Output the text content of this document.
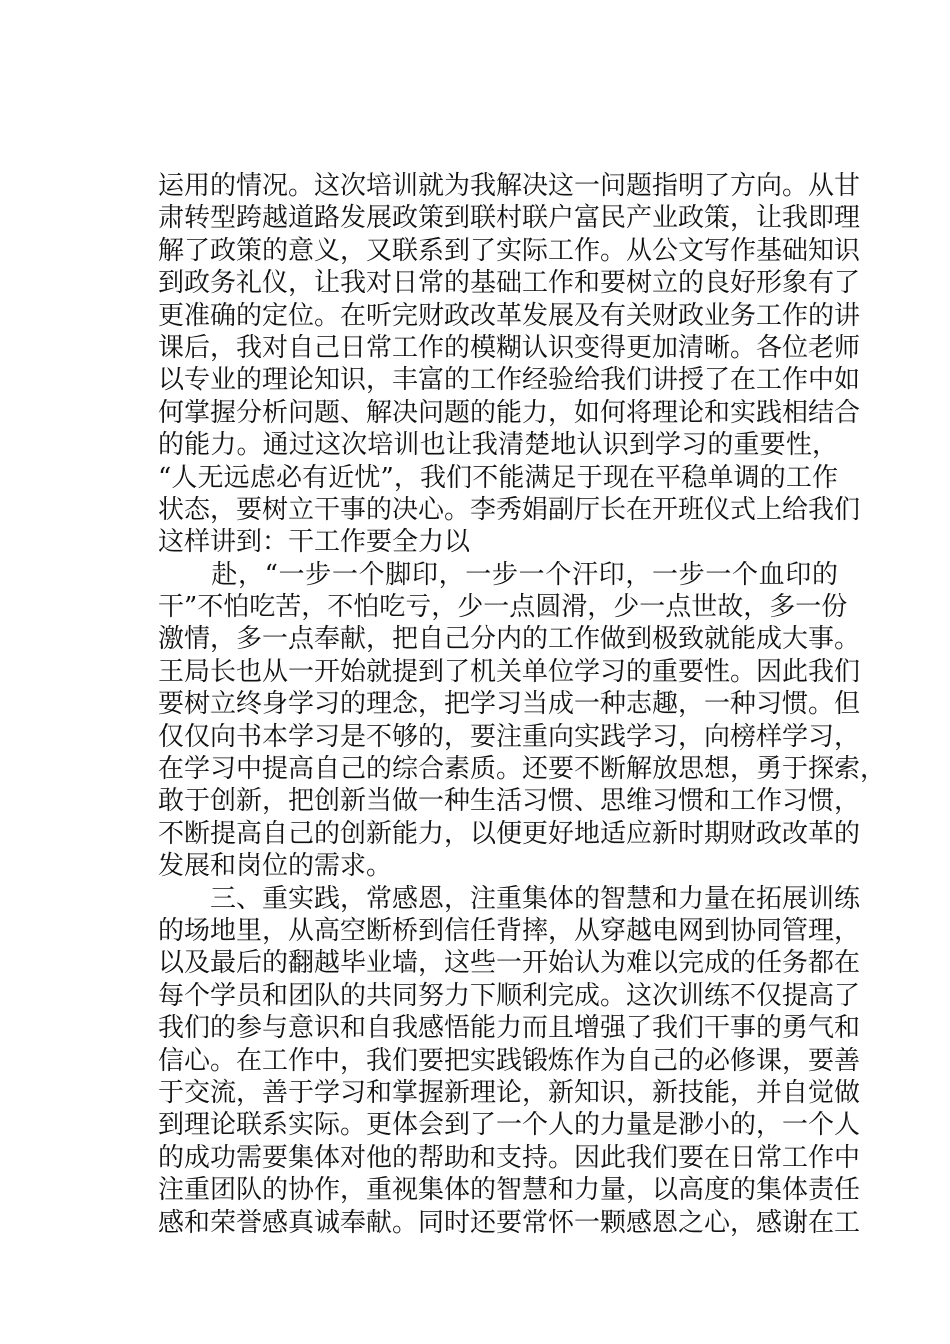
运用的情况。这次培训就为我解决这一问题指明了方向。从甘
肃转型跨越道路发展政策到联村联户富民产业政策，让我即理
解了政策的意义，又联系到了实际工作。从公文写作基础知识
到政务礼仪，让我对日常的基础工作和要树立的良好形象有了
更准确的定位。在听完财政改革发展及有关财政业务工作的讲
课后，我对自己日常工作的模糊认识变得更加清晰。各位老师
以专业的理论知识，丰富的工作经验给我们讲授了在工作中如
何掌握分析问题、解决问题的能力，如何将理论和实践相结合
的能力。通过这次培训也让我清楚地认识到学习的重要性，
“人无远虑必有近忧”，我们不能满足于现在平稳单调的工作
状态，要树立干事的决心。李秀娟副厅长在开班仪式上给我们
这样讲到：干工作要全力以
　　赴，“一步一个脚印，一步一个汗印，一步一个血印的
干”不怕吃苦，不怕吃亏，少一点圆滑，少一点世故，多一份
激情，多一点奉献，把自己分内的工作做到极致就能成大事。
王局长也从一开始就提到了机关单位学习的重要性。因此我们
要树立终身学习的理念，把学习当成一种志趣，一种习惯。但
仅仅向书本学习是不够的，要注重向实践学习，向榜样学习，
在学习中提高自己的综合素质。还要不断解放思想，勇于探索，
敢于创新，把创新当做一种生活习惯、思维习惯和工作习惯，
不断提高自己的创新能力，以便更好地适应新时期财政改革的
发展和岗位的需求。
　　三、重实践，常感恩，注重集体的智慧和力量在拓展训练
的场地里，从高空断桥到信任背摔，从穿越电网到协同管理，
以及最后的翻越毕业墙，这些一开始认为难以完成的任务都在
每个学员和团队的共同努力下顺利完成。这次训练不仅提高了
我们的参与意识和自我感悟能力而且增强了我们干事的勇气和
信心。在工作中，我们要把实践锻炼作为自己的必修课，要善
于交流，善于学习和掌握新理论，新知识，新技能，并自觉做
到理论联系实际。更体会到了一个人的力量是渺小的，一个人
的成功需要集体对他的帮助和支持。因此我们要在日常工作中
注重团队的协作，重视集体的智慧和力量，以高度的集体责任
感和荣誉感真诚奉献。同时还要常怀一颗感恩之心，感谢在工
